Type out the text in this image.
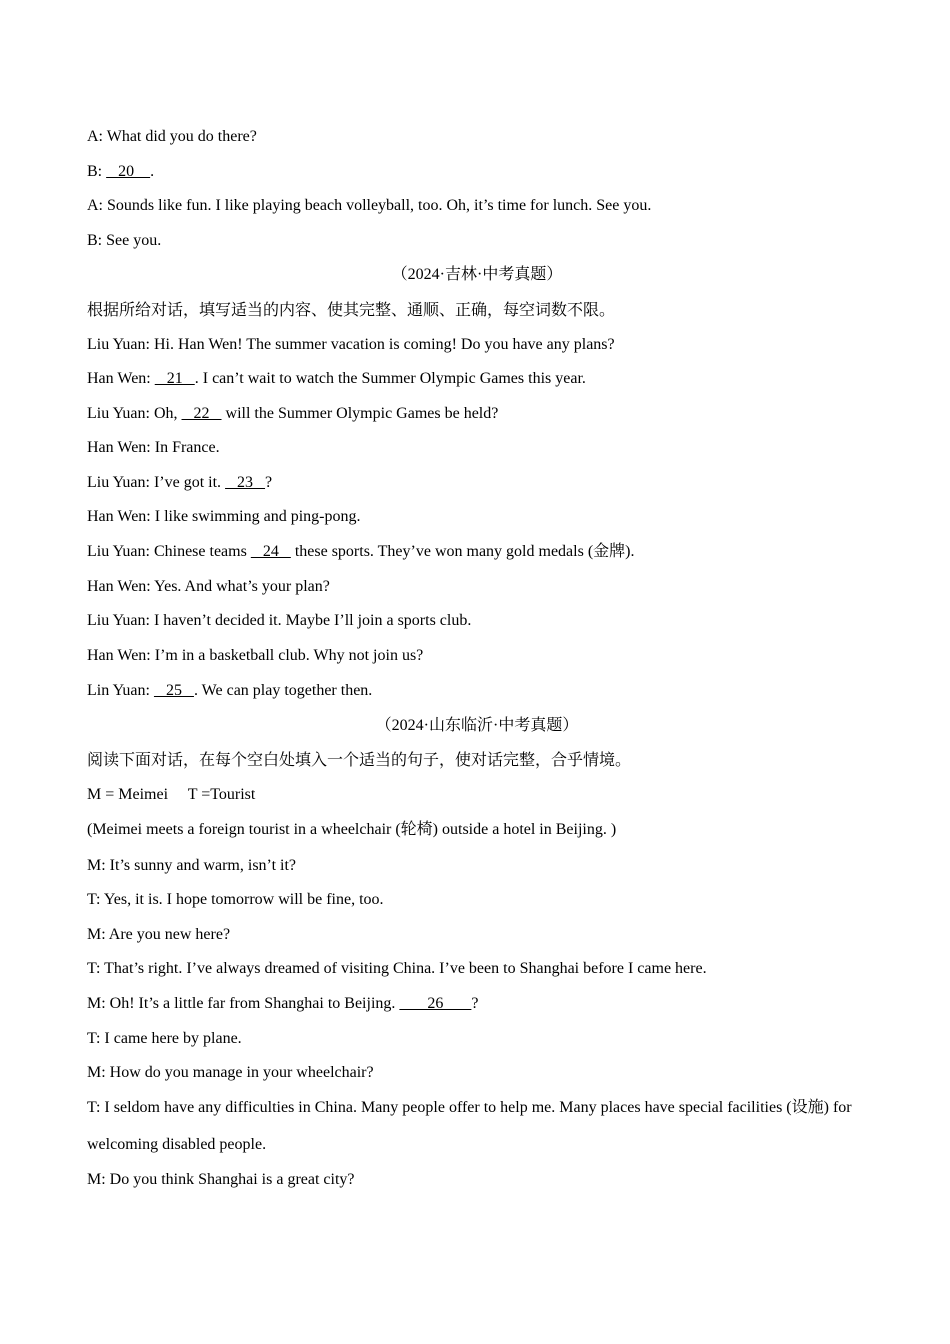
A: What did you do there?
B:    20    .
A: Sounds like fun. I like playing beach volleyball, too. Oh, it’s time for lunch. See you.
B: See you.
（2024·吉林·中考真题）
根据所给对话，填写适当的内容、使其完整、通顺、正确，每空词数不限。
Liu Yuan: Hi. Han Wen! The summer vacation is coming! Do you have any plans?
Han Wen:    21   . I can’t wait to watch the Summer Olympic Games this year.
Liu Yuan: Oh,    22    will the Summer Olympic Games be held?
Han Wen: In France.
Liu Yuan: I’ve got it.    23   ?
Han Wen: I like swimming and ping-pong.
Liu Yuan: Chinese teams    24    these sports. They’ve won many gold medals (金牌).
Han Wen: Yes. And what’s your plan?
Liu Yuan: I haven’t decided it. Maybe I’ll join a sports club.
Han Wen: I’m in a basketball club. Why not join us?
Lin Yuan:    25   . We can play together then.
（2024·山东临沂·中考真题）
阅读下面对话，在每个空白处填入一个适当的句子，使对话完整，合乎情境。
M = Meimei     T =Tourist
(Meimei meets a foreign tourist in a wheelchair (轮椅) outside a hotel in Beijing. )
M: It’s sunny and warm, isn’t it?
T: Yes, it is. I hope tomorrow will be fine, too.
M: Are you new here?
T: That’s right. I’ve always dreamed of visiting China. I’ve been to Shanghai before I came here.
M: Oh! It’s a little far from Shanghai to Beijing.        26       ?
T: I came here by plane.
M: How do you manage in your wheelchair?
T: I seldom have any difficulties in China. Many people offer to help me. Many places have special facilities (设施) for welcoming disabled people.
M: Do you think Shanghai is a great city?
